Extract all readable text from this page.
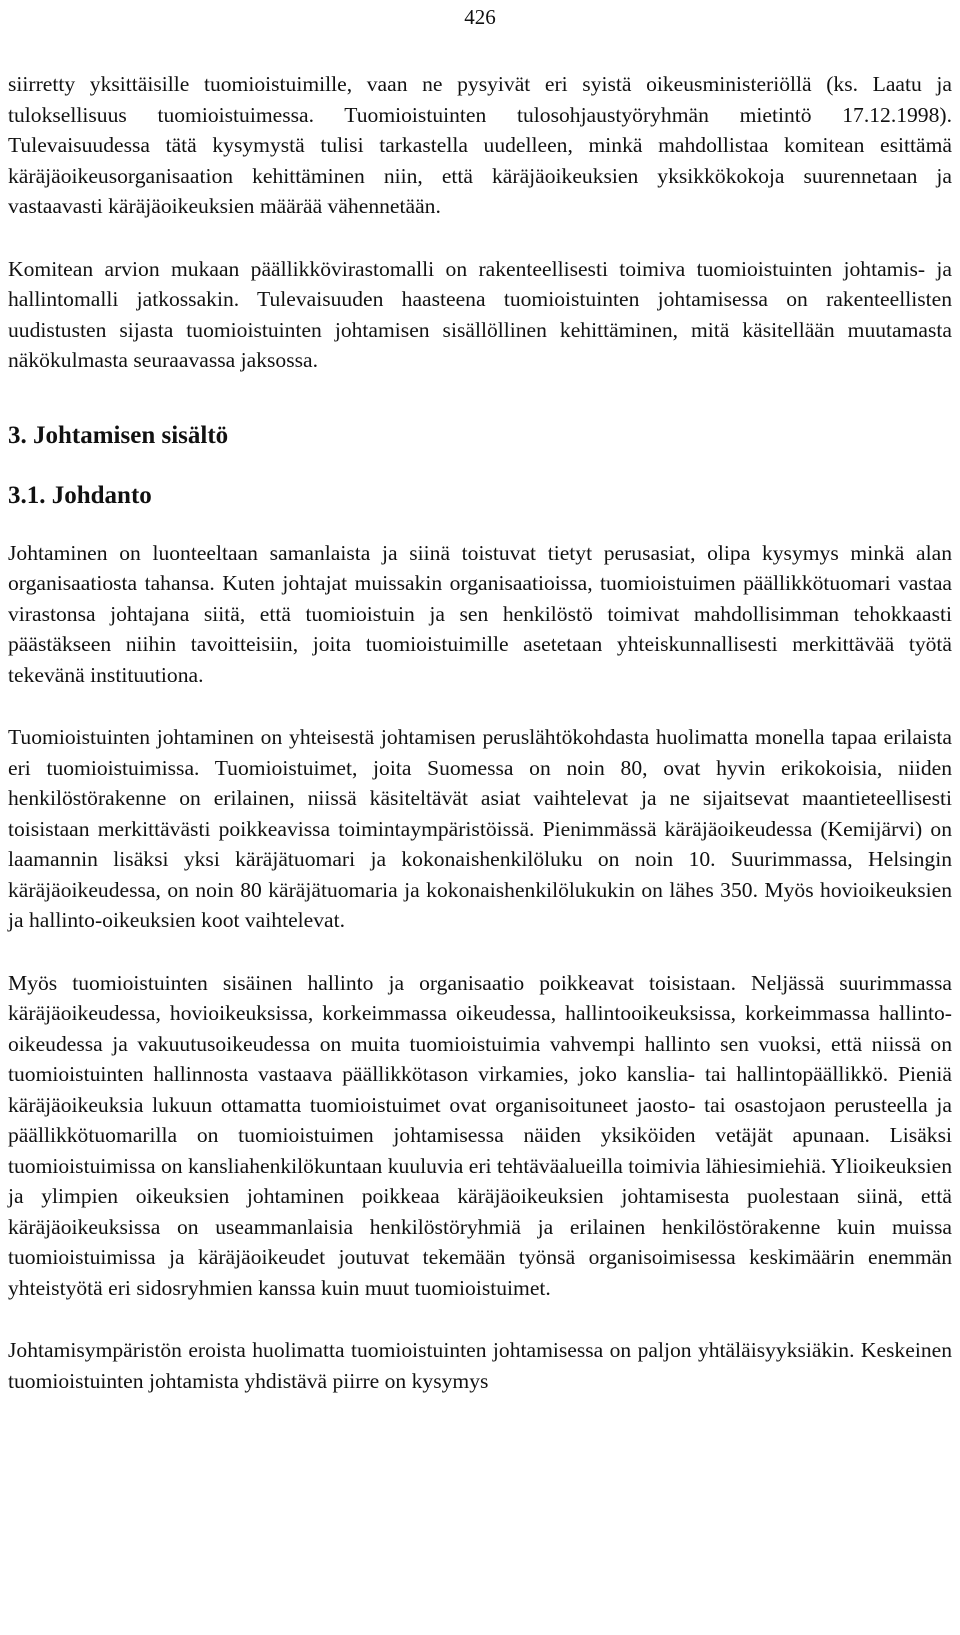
426

siirretty yksittäisille tuomioistuimille, vaan ne pysyivät eri syistä oikeusministeriöllä (ks. Laatu ja tuloksellisuus tuomioistuimessa. Tuomioistuinten tulosohjaustyöryhmän mietintö 17.12.1998). Tulevaisuudessa tätä kysymystä tulisi tarkastella uudelleen, minkä mahdollistaa komitean esittämä käräjäoikeusorganisaation kehittäminen niin, että käräjäoikeuksien yksikkökokoja suurennetaan ja vastaavasti käräjäoikeuksien määrää vähennetään.

Komitean arvion mukaan päällikkövirastomalli on rakenteellisesti toimiva tuomioistuinten johtamis- ja hallintomalli jatkossakin. Tulevaisuuden haasteena tuomioistuinten johtamisessa on rakenteellisten uudistusten sijasta tuomioistuinten johtamisen sisällöllinen kehittäminen, mitä käsitellään muutamasta näkökulmasta seuraavassa jaksossa.

3. Johtamisen sisältö
3.1. Johdanto

Johtaminen on luonteeltaan samanlaista ja siinä toistuvat tietyt perusasiat, olipa kysymys minkä alan organisaatiosta tahansa. Kuten johtajat muissakin organisaatioissa, tuomioistuimen päällikkötuomari vastaa virastonsa johtajana siitä, että tuomioistuin ja sen henkilöstö toimivat mahdollisimman tehokkaasti päästäkseen niihin tavoitteisiin, joita tuomioistuimille asetetaan yhteiskunnallisesti merkittävää työtä tekevänä instituutiona.

Tuomioistuinten johtaminen on yhteisestä johtamisen peruslähtökohdasta huolimatta monella tapaa erilaista eri tuomioistuimissa. Tuomioistuimet, joita Suomessa on noin 80, ovat hyvin erikokoisia, niiden henkilöstörakenne on erilainen, niissä käsiteltävät asiat vaihtelevat ja ne sijaitsevat maantieteellisesti toisistaan merkittävästi poikkeavissa toimintaympäristöissä. Pienimmässä käräjäoikeudessa (Kemijärvi) on laamannin lisäksi yksi käräjätuomari ja kokonaishenkilöluku on noin 10. Suurimmassa, Helsingin käräjäoikeudessa, on noin 80 käräjätuomaria ja kokonaishenkilölukukin on lähes 350. Myös hovioikeuksien ja hallinto-oikeuksien koot vaihtelevat.

Myös tuomioistuinten sisäinen hallinto ja organisaatio poikkeavat toisistaan. Neljässä suurimmassa käräjäoikeudessa, hovioikeuksissa, korkeimmassa oikeudessa, hallintooikeuksissa, korkeimmassa hallinto-oikeudessa ja vakuutusoikeudessa on muita tuomioistuimia vahvempi hallinto sen vuoksi, että niissä on tuomioistuinten hallinnosta vastaava päällikkötason virkamies, joko kanslia- tai hallintopäällikkö. Pieniä käräjäoikeuksia lukuun ottamatta tuomioistuimet ovat organisoituneet jaosto- tai osastojaon perusteella ja päällikkötuomarilla on tuomioistuimen johtamisessa näiden yksiköiden vetäjät apunaan. Lisäksi tuomioistuimissa on kansliahenkilökuntaan kuuluvia eri tehtäväalueilla toimivia lähiesimiehiä. Ylioikeuksien ja ylimpien oikeuksien johtaminen poikkeaa käräjäoikeuksien johtamisesta puolestaan siinä, että käräjäoikeuksissa on useammanlaisia henkilöstöryhmiä ja erilainen henkilöstörakenne kuin muissa tuomioistuimissa ja käräjäoikeudet joutuvat tekemään työnsä organisoimisessa keskimäärin enemmän yhteistyötä eri sidosryhmien kanssa kuin muut tuomioistuimet.

Johtamisympäristön eroista huolimatta tuomioistuinten johtamisessa on paljon yhtäläisyyksiäkin. Keskeinen tuomioistuinten johtamista yhdistävä piirre on kysymys
